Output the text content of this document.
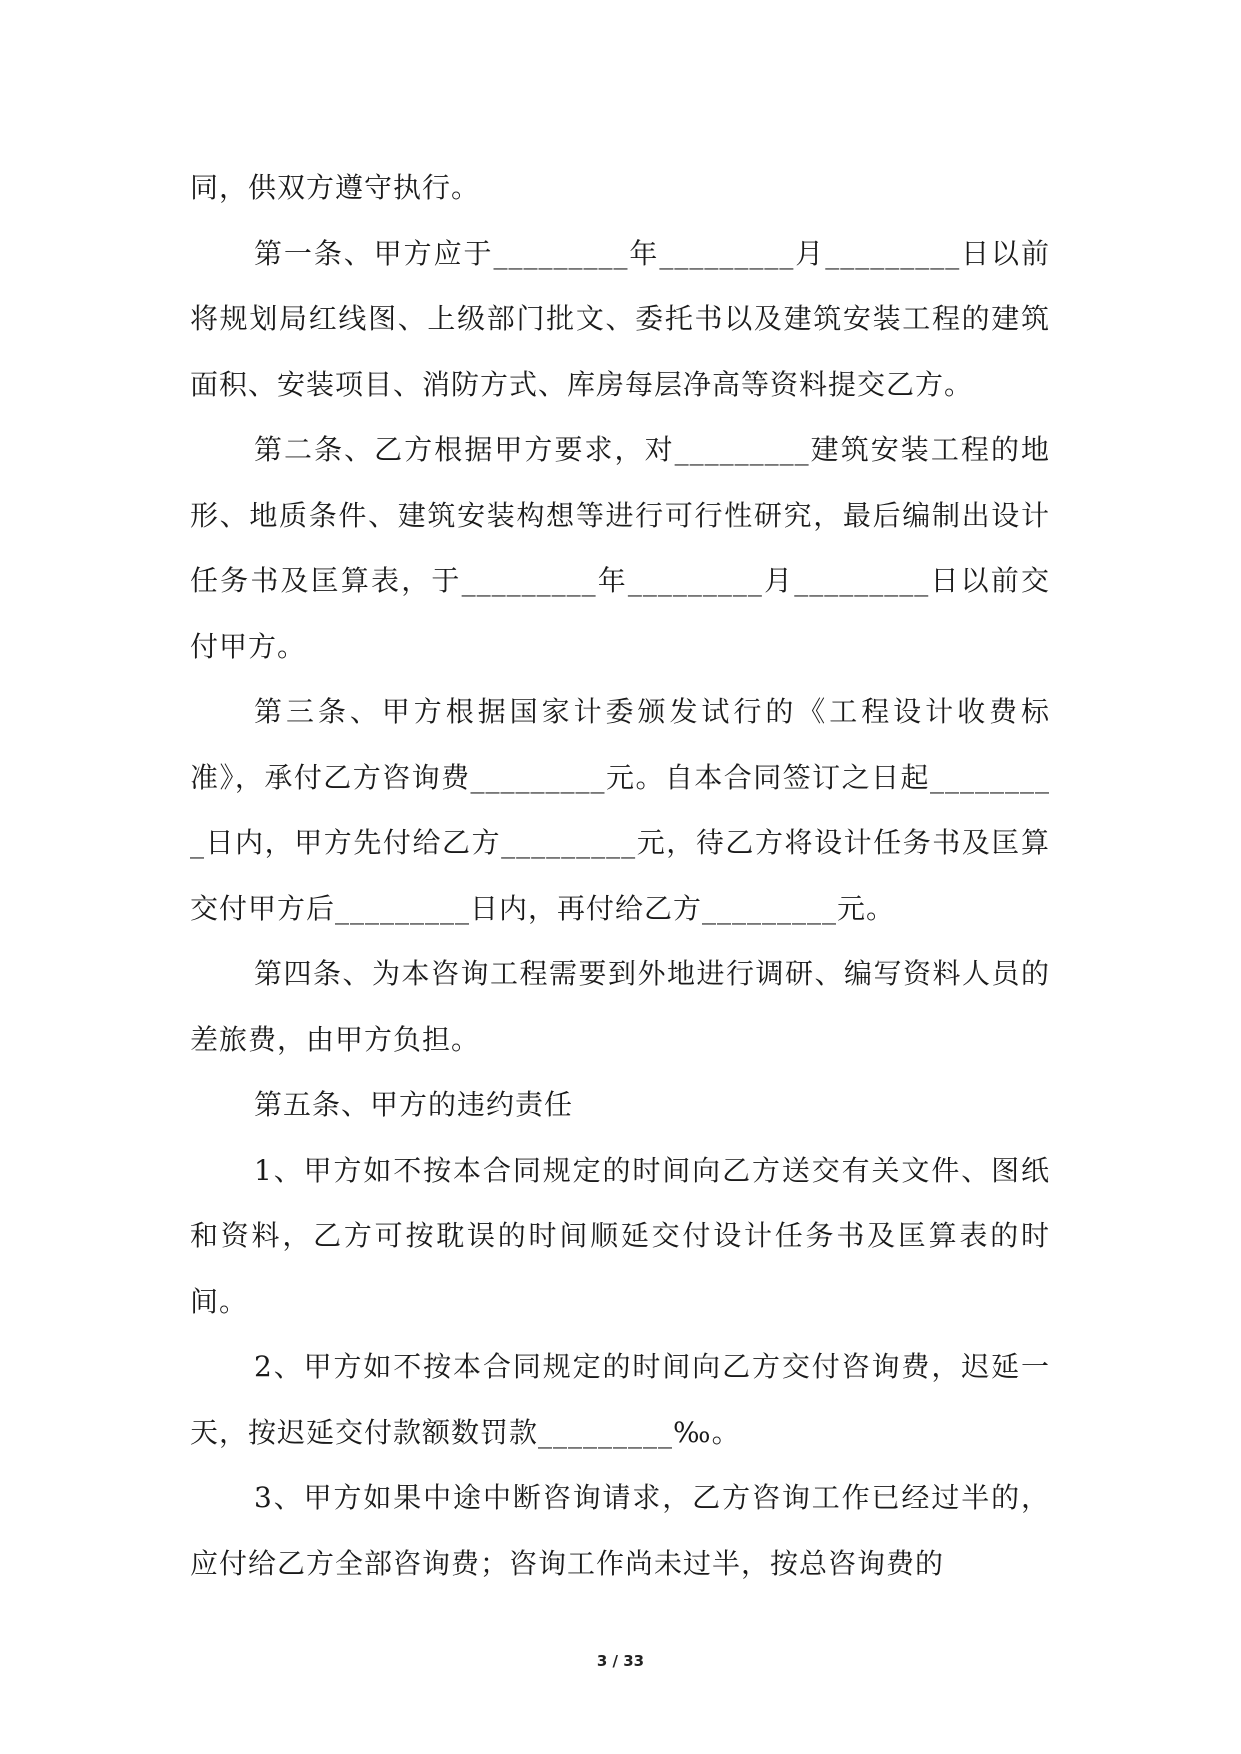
同，供双方遵守执行。

第一条、甲方应于_________年_________月_________日以前将规划局红线图、上级部门批文、委托书以及建筑安装工程的建筑面积、安装项目、消防方式、库房每层净高等资料提交乙方。

第二条、乙方根据甲方要求，对_________建筑安装工程的地形、地质条件、建筑安装构想等进行可行性研究，最后编制出设计任务书及匡算表，于_________年_________月_________日以前交付甲方。

第三条、甲方根据国家计委颁发试行的《工程设计收费标准》，承付乙方咨询费_________元。自本合同签订之日起_________日内，甲方先付给乙方_________元，待乙方将设计任务书及匡算交付甲方后_________日内，再付给乙方_________元。

第四条、为本咨询工程需要到外地进行调研、编写资料人员的差旅费，由甲方负担。

第五条、甲方的违约责任

1、甲方如不按本合同规定的时间向乙方送交有关文件、图纸和资料，乙方可按耽误的时间顺延交付设计任务书及匡算表的时间。

2、甲方如不按本合同规定的时间向乙方交付咨询费，迟延一天，按迟延交付款额数罚款_________‰。

3、甲方如果中途中断咨询请求，乙方咨询工作已经过半的，应付给乙方全部咨询费；咨询工作尚未过半，按总咨询费的

3 / 33
